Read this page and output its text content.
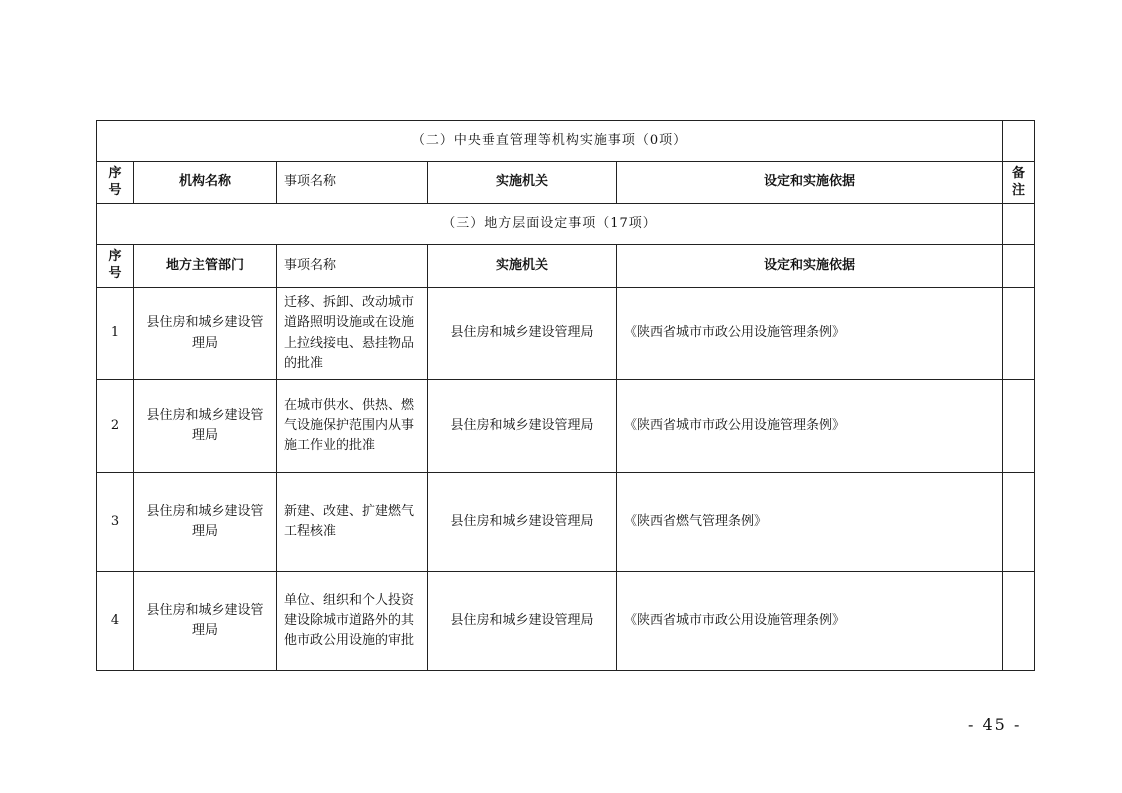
（二）中央垂直管理等机构实施事项（0项）					

序
号	机构名称	事项名称	实施机关	设定和实施依据	备
注

（三）地方层面设定事项（17项）					

序
号	地方主管部门	事项名称	实施机关	设定和实施依据	
1	县住房和城乡建设管理局	迁移、拆卸、改动城市道路照明设施或在设施上拉线接电、悬挂物品的批准	县住房和城乡建设管理局	《陕西省城市市政公用设施管理条例》	
2	县住房和城乡建设管理局	在城市供水、供热、燃气设施保护范围内从事施工作业的批准	县住房和城乡建设管理局	《陕西省城市市政公用设施管理条例》	
3	县住房和城乡建设管理局	新建、改建、扩建燃气工程核准	县住房和城乡建设管理局	《陕西省燃气管理条例》	
4	县住房和城乡建设管理局	单位、组织和个人投资建设除城市道路外的其他市政公用设施的审批	县住房和城乡建设管理局	《陕西省城市市政公用设施管理条例》	
- 45 -
